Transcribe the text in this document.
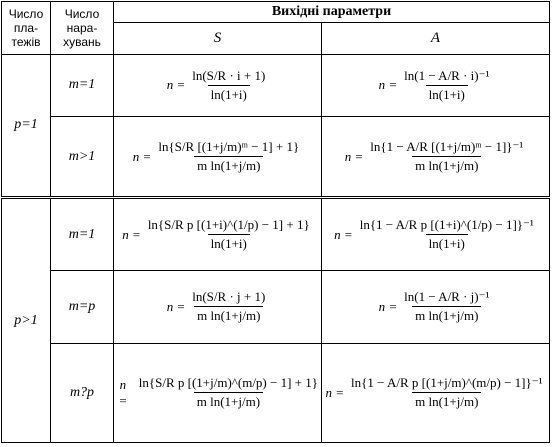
Число пла-тежів	Число нара-хувань	Вихідні параметри	
		S	A
p=1	m=1	$n = \frac{\ln(S/R \cdot i + 1)}{\ln(1+i)}$	$n = \frac{\text{ln(1 − A/R · i)⁻¹}}{\ln(1+i)}$

	m>1	$n = \frac{\text{ln\{S/R [(1+j/m)ᵐ − 1] + 1\}}}{\text{m ln(1+j/m)}}$	$n = \frac{\text{ln\{1 − A/R [(1+j/m)ᵐ − 1]\}⁻¹}}{\text{m ln(1+j/m)}}$

p>1	m=1	$n = \frac{\text{ln\{S/R p [(1+i)\textasciicircum{}(1/p) − 1] + 1\}}}{\ln(1+i)}$	$n = \frac{\text{ln\{1 − A/R p [(1+i)\textasciicircum{}(1/p) − 1]\}⁻¹}}{\ln(1+i)}$

	m=p	$n = \frac{\ln(S/R \cdot j + 1)}{\text{m ln(1+j/m)}}$	$n = \frac{\text{ln(1 − A/R · j)⁻¹}}{\text{m ln(1+j/m)}}$

	m?p	$n = \frac{\text{ln\{S/R p [(1+j/m)\textasciicircum{}(m/p) − 1] + 1\}}}{\text{m ln(1+j/m)}}$	$n = \frac{\text{ln\{1 − A/R p [(1+j/m)\textasciicircum{}(m/p) − 1]\}⁻¹}}{\text{m ln(1+j/m)}}$
